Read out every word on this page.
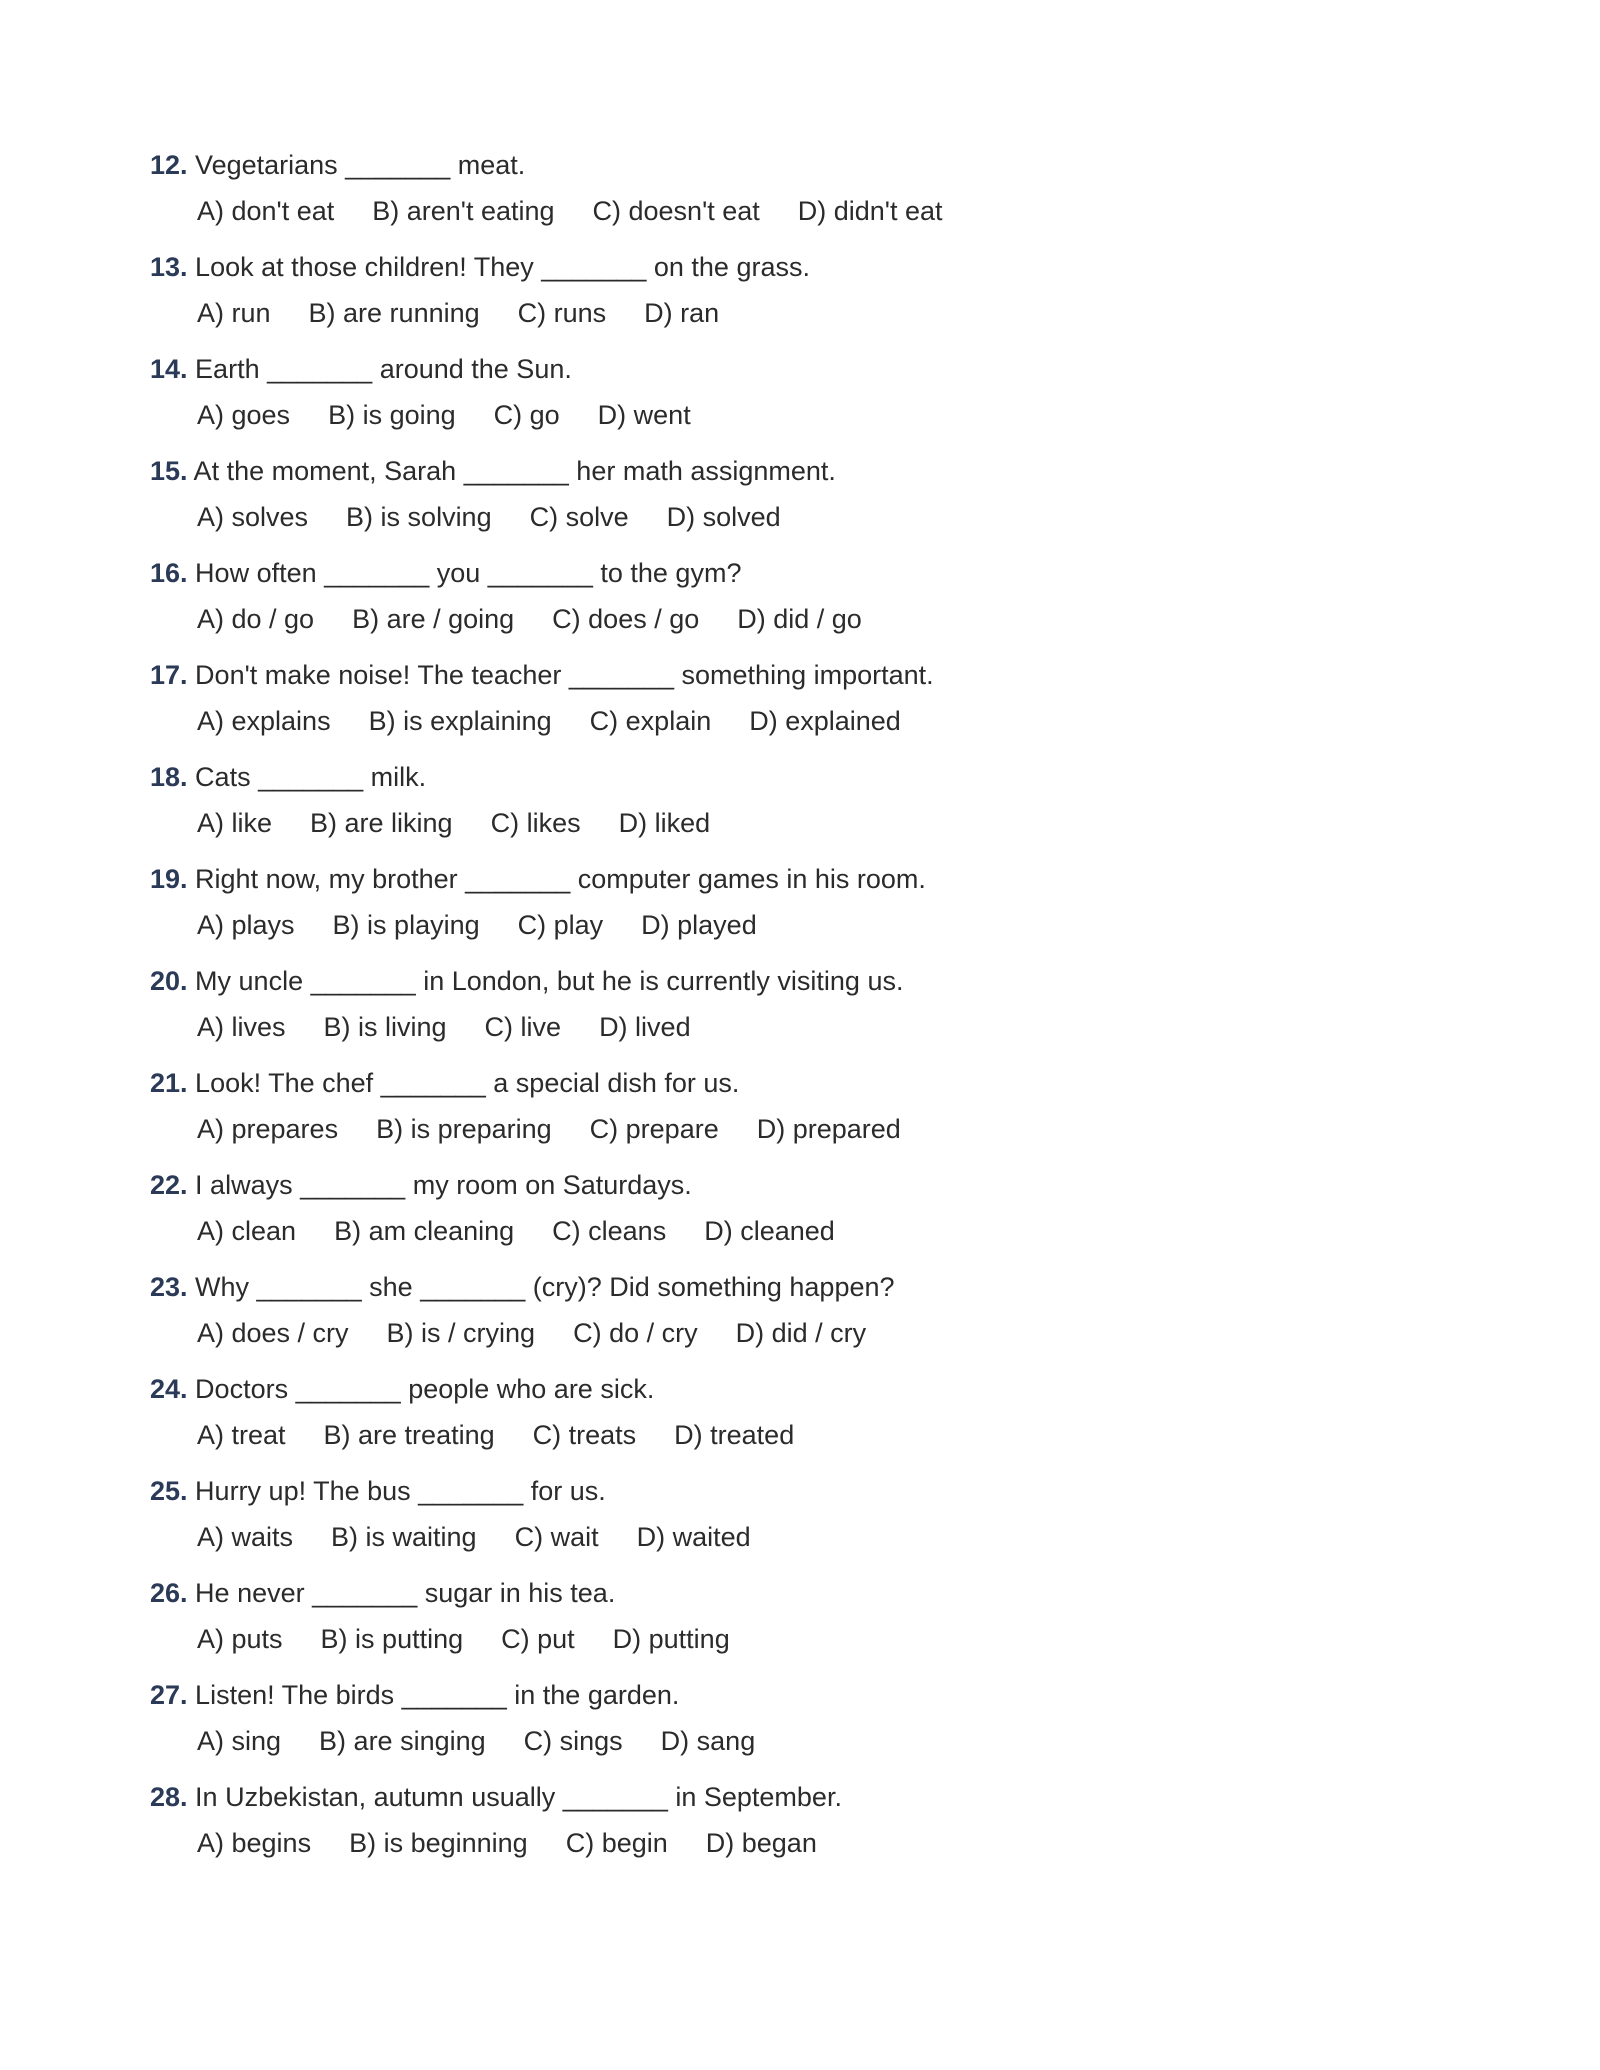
12. Vegetarians _______ meat.
A) don't eat B) aren't eating C) doesn't eat D) didn't eat
13. Look at those children! They _______ on the grass.
A) run B) are running C) runs D) ran
14. Earth _______ around the Sun.
A) goes B) is going C) go D) went
15. At the moment, Sarah _______ her math assignment.
A) solves B) is solving C) solve D) solved
16. How often _______ you _______ to the gym?
A) do / go B) are / going C) does / go D) did / go
17. Don't make noise! The teacher _______ something important.
A) explains B) is explaining C) explain D) explained
18. Cats _______ milk.
A) like B) are liking C) likes D) liked
19. Right now, my brother _______ computer games in his room.
A) plays B) is playing C) play D) played
20. My uncle _______ in London, but he is currently visiting us.
A) lives B) is living C) live D) lived
21. Look! The chef _______ a special dish for us.
A) prepares B) is preparing C) prepare D) prepared
22. I always _______ my room on Saturdays.
A) clean B) am cleaning C) cleans D) cleaned
23. Why _______ she _______ (cry)? Did something happen?
A) does / cry B) is / crying C) do / cry D) did / cry
24. Doctors _______ people who are sick.
A) treat B) are treating C) treats D) treated
25. Hurry up! The bus _______ for us.
A) waits B) is waiting C) wait D) waited
26. He never _______ sugar in his tea.
A) puts B) is putting C) put D) putting
27. Listen! The birds _______ in the garden.
A) sing B) are singing C) sings D) sang
28. In Uzbekistan, autumn usually _______ in September.
A) begins B) is beginning C) begin D) began
